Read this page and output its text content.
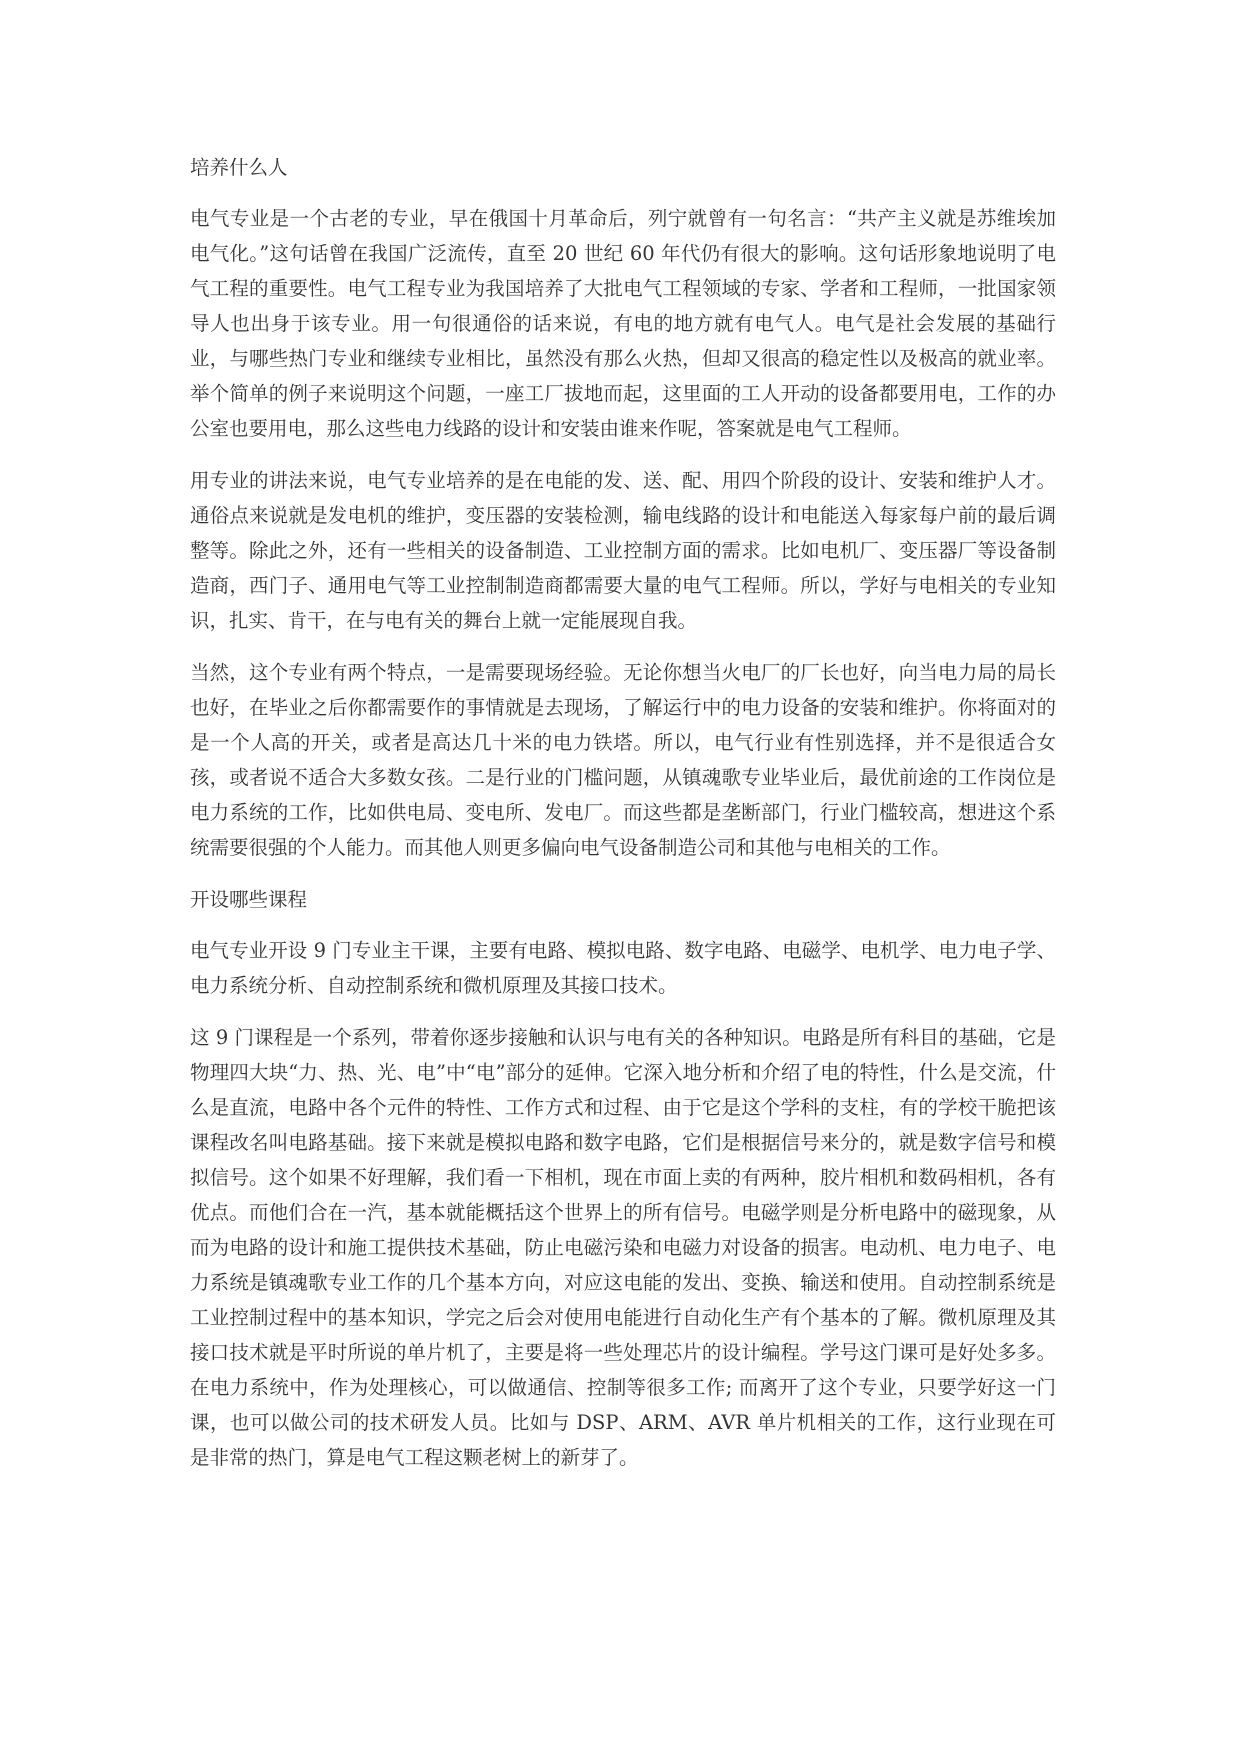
培养什么人

电气专业是一个古老的专业，早在俄国十月革命后，列宁就曾有一句名言：“共产主义就是苏维埃加电气化。”这句话曾在我国广泛流传，直至 20 世纪 60 年代仍有很大的影响。这句话形象地说明了电气工程的重要性。电气工程专业为我国培养了大批电气工程领域的专家、学者和工程师，一批国家领导人也出身于该专业。用一句很通俗的话来说，有电的地方就有电气人。电气是社会发展的基础行业，与哪些热门专业和继续专业相比，虽然没有那么火热，但却又很高的稳定性以及极高的就业率。举个简单的例子来说明这个问题，一座工厂拔地而起，这里面的工人开动的设备都要用电，工作的办公室也要用电，那么这些电力线路的设计和安装由谁来作呢，答案就是电气工程师。

用专业的讲法来说，电气专业培养的是在电能的发、送、配、用四个阶段的设计、安装和维护人才。通俗点来说就是发电机的维护，变压器的安装检测，输电线路的设计和电能送入每家每户前的最后调整等。除此之外，还有一些相关的设备制造、工业控制方面的需求。比如电机厂、变压器厂等设备制造商，西门子、通用电气等工业控制制造商都需要大量的电气工程师。所以，学好与电相关的专业知识，扎实、肯干，在与电有关的舞台上就一定能展现自我。

当然，这个专业有两个特点，一是需要现场经验。无论你想当火电厂的厂长也好，向当电力局的局长也好，在毕业之后你都需要作的事情就是去现场，了解运行中的电力设备的安装和维护。你将面对的是一个人高的开关，或者是高达几十米的电力铁塔。所以，电气行业有性别选择，并不是很适合女孩，或者说不适合大多数女孩。二是行业的门槛问题，从镇魂歌专业毕业后，最优前途的工作岗位是电力系统的工作，比如供电局、变电所、发电厂。而这些都是垄断部门，行业门槛较高，想进这个系统需要很强的个人能力。而其他人则更多偏向电气设备制造公司和其他与电相关的工作。

开设哪些课程

电气专业开设 9 门专业主干课，主要有电路、模拟电路、数字电路、电磁学、电机学、电力电子学、电力系统分析、自动控制系统和微机原理及其接口技术。

这 9 门课程是一个系列，带着你逐步接触和认识与电有关的各种知识。电路是所有科目的基础，它是物理四大块“力、热、光、电”中“电”部分的延伸。它深入地分析和介绍了电的特性，什么是交流，什么是直流，电路中各个元件的特性、工作方式和过程、由于它是这个学科的支柱，有的学校干脆把该课程改名叫电路基础。接下来就是模拟电路和数字电路，它们是根据信号来分的，就是数字信号和模拟信号。这个如果不好理解，我们看一下相机，现在市面上卖的有两种，胶片相机和数码相机，各有优点。而他们合在一汽，基本就能概括这个世界上的所有信号。电磁学则是分析电路中的磁现象，从而为电路的设计和施工提供技术基础，防止电磁污染和电磁力对设备的损害。电动机、电力电子、电力系统是镇魂歌专业工作的几个基本方向，对应这电能的发出、变换、输送和使用。自动控制系统是工业控制过程中的基本知识，学完之后会对使用电能进行自动化生产有个基本的了解。微机原理及其接口技术就是平时所说的单片机了，主要是将一些处理芯片的设计编程。学号这门课可是好处多多。在电力系统中，作为处理核心，可以做通信、控制等很多工作; 而离开了这个专业，只要学好这一门课，也可以做公司的技术研发人员。比如与 DSP、ARM、AVR 单片机相关的工作，这行业现在可是非常的热门，算是电气工程这颗老树上的新芽了。
